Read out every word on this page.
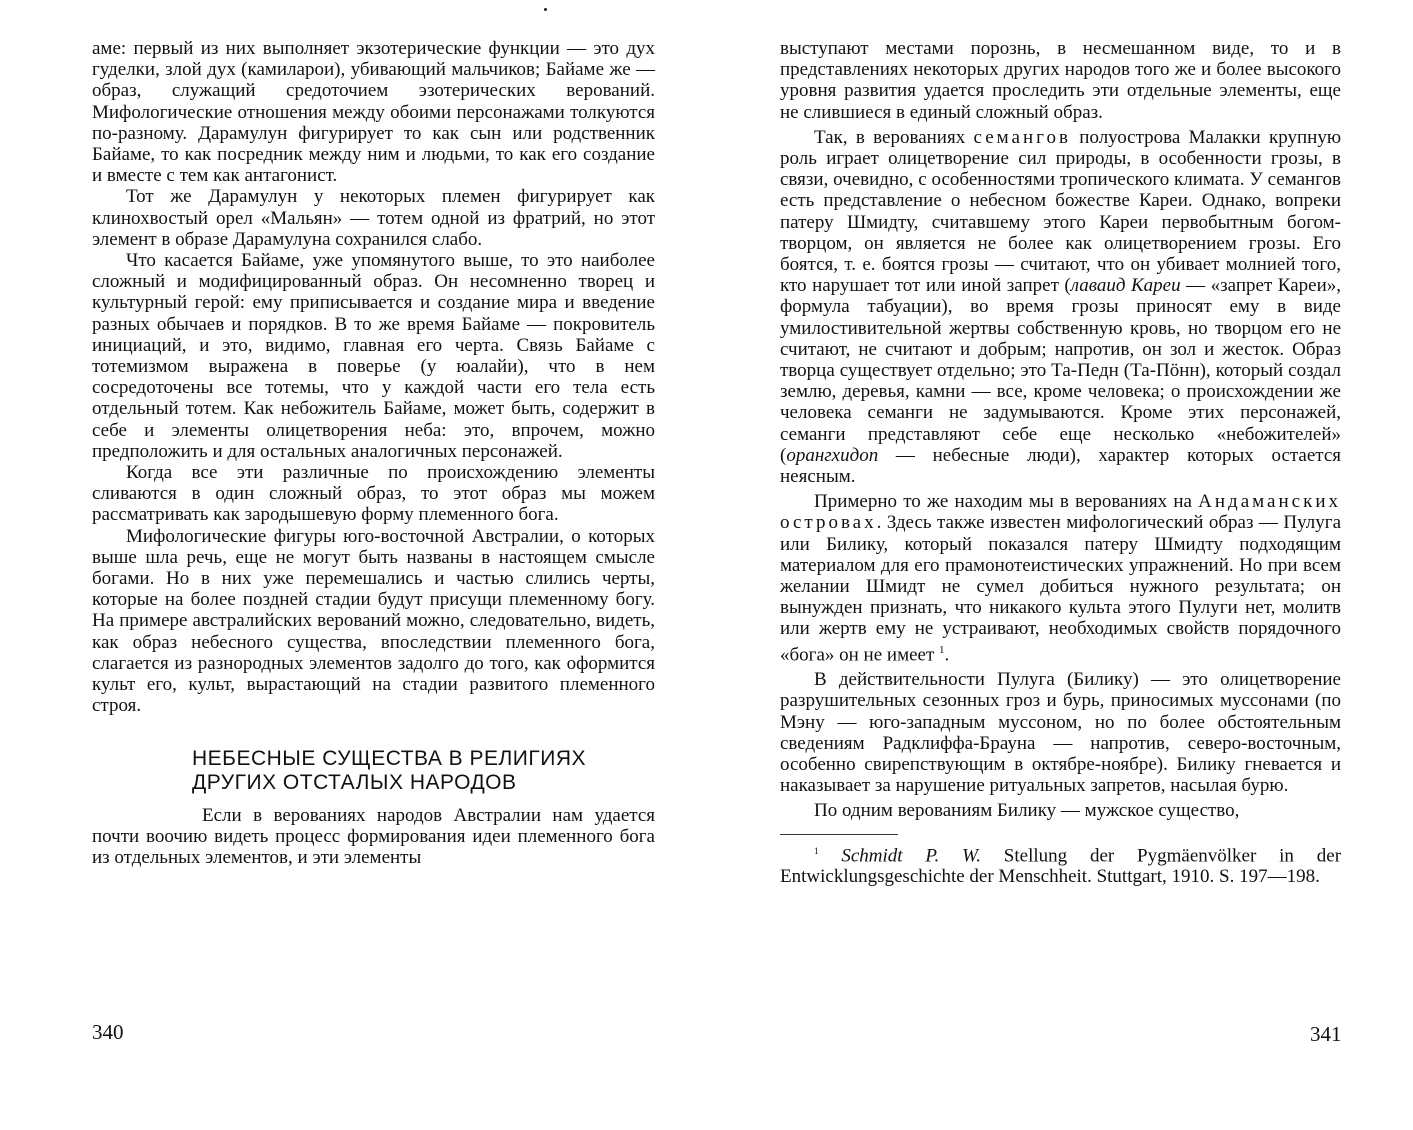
аме: первый из них выполняет экзотерические функции — это дух гуделки, злой дух (камиларои), убивающий мальчиков; Байаме же — образ, служащий средоточием эзотерических верований. Мифологические отношения между обоими персонажами толкуются по-разному. Дарамулун фигурирует то как сын или родственник Байаме, то как посредник между ним и людьми, то как его создание и вместе с тем как антагонист.

Тот же Дарамулун у некоторых племен фигурирует как клинохвостый орел «Мальян» — тотем одной из фратрий, но этот элемент в образе Дарамулуна сохранился слабо.

Что касается Байаме, уже упомянутого выше, то это наиболее сложный и модифицированный образ. Он несомненно творец и культурный герой: ему приписывается и создание мира и введение разных обычаев и порядков. В то же время Байаме — покровитель инициаций, и это, видимо, главная его черта. Связь Байаме с тотемизмом выражена в поверье (у юалайи), что в нем сосредоточены все тотемы, что у каждой части его тела есть отдельный тотем. Как небожитель Байаме, может быть, содержит в себе и элементы олицетворения неба: это, впрочем, можно предположить и для остальных аналогичных персонажей.

Когда все эти различные по происхождению элементы сливаются в один сложный образ, то этот образ мы можем рассматривать как зародышевую форму племенного бога.

Мифологические фигуры юго-восточной Австралии, о которых выше шла речь, еще не могут быть названы в настоящем смысле богами. Но в них уже перемешались и частью слились черты, которые на более поздней стадии будут присущи племенному богу. На примере австралийских верований можно, следовательно, видеть, как образ небесного существа, впоследствии племенного бога, слагается из разнородных элементов задолго до того, как оформится культ его, культ, вырастающий на стадии развитого племенного строя.

НЕБЕСНЫЕ СУЩЕСТВА В РЕЛИГИЯХ
ДРУГИХ ОТСТАЛЫХ НАРОДОВ

Если в верованиях народов Австралии нам удается почти воочию видеть процесс формирования идеи племенного бога из отдельных элементов, и эти элементы

340

выступают местами порознь, в несмешанном виде, то и в представлениях некоторых других народов того же и более высокого уровня развития удается проследить эти отдельные элементы, еще не слившиеся в единый сложный образ.

Так, в верованиях семангов полуострова Малакки крупную роль играет олицетворение сил природы, в особенности грозы, в связи, очевидно, с особенностями тропического климата. У семангов есть представление о небесном божестве Кареи. Однако, вопреки патеру Шмидту, считавшему этого Кареи первобытным богом-творцом, он является не более как олицетворением грозы. Его боятся, т. е. боятся грозы — считают, что он убивает молнией того, кто нарушает тот или иной запрет (лаваид Кареи — «запрет Кареи», формула табуации), во время грозы приносят ему в виде умилостивительной жертвы собственную кровь, но творцом его не считают, не считают и добрым; напротив, он зол и жесток. Образ творца существует отдельно; это Та-Педн (Та-Пöнн), который создал землю, деревья, камни — все, кроме человека; о происхождении же человека семанги не задумываются. Кроме этих персонажей, семанги представляют себе еще несколько «небожителей» (орангхидоп — небесные люди), характер которых остается неясным.

Примерно то же находим мы в верованиях на Андаманских островах. Здесь также известен мифологический образ — Пулуга или Билику, который показался патеру Шмидту подходящим материалом для его прамонотеистических упражнений. Но при всем желании Шмидт не сумел добиться нужного результата; он вынужден признать, что никакого культа этого Пулуги нет, молитв или жертв ему не устраивают, необходимых свойств порядочного «бога» он не имеет $^1$.

В действительности Пулуга (Билику) — это олицетворение разрушительных сезонных гроз и бурь, приносимых муссонами (по Мэну — юго-западным муссоном, но по более обстоятельным сведениям Радклиффа-Брауна — напротив, северо-восточным, особенно свирепствующим в октябре-ноябре). Билику гневается и наказывает за нарушение ритуальных запретов, насылая бурю.

По одним верованиям Билику — мужское существо,

$^1$ Schmidt P. W. Stellung der Pygmäenvölker in der Entwicklungsgeschichte der Menschheit. Stuttgart, 1910. S. 197—198.

341
